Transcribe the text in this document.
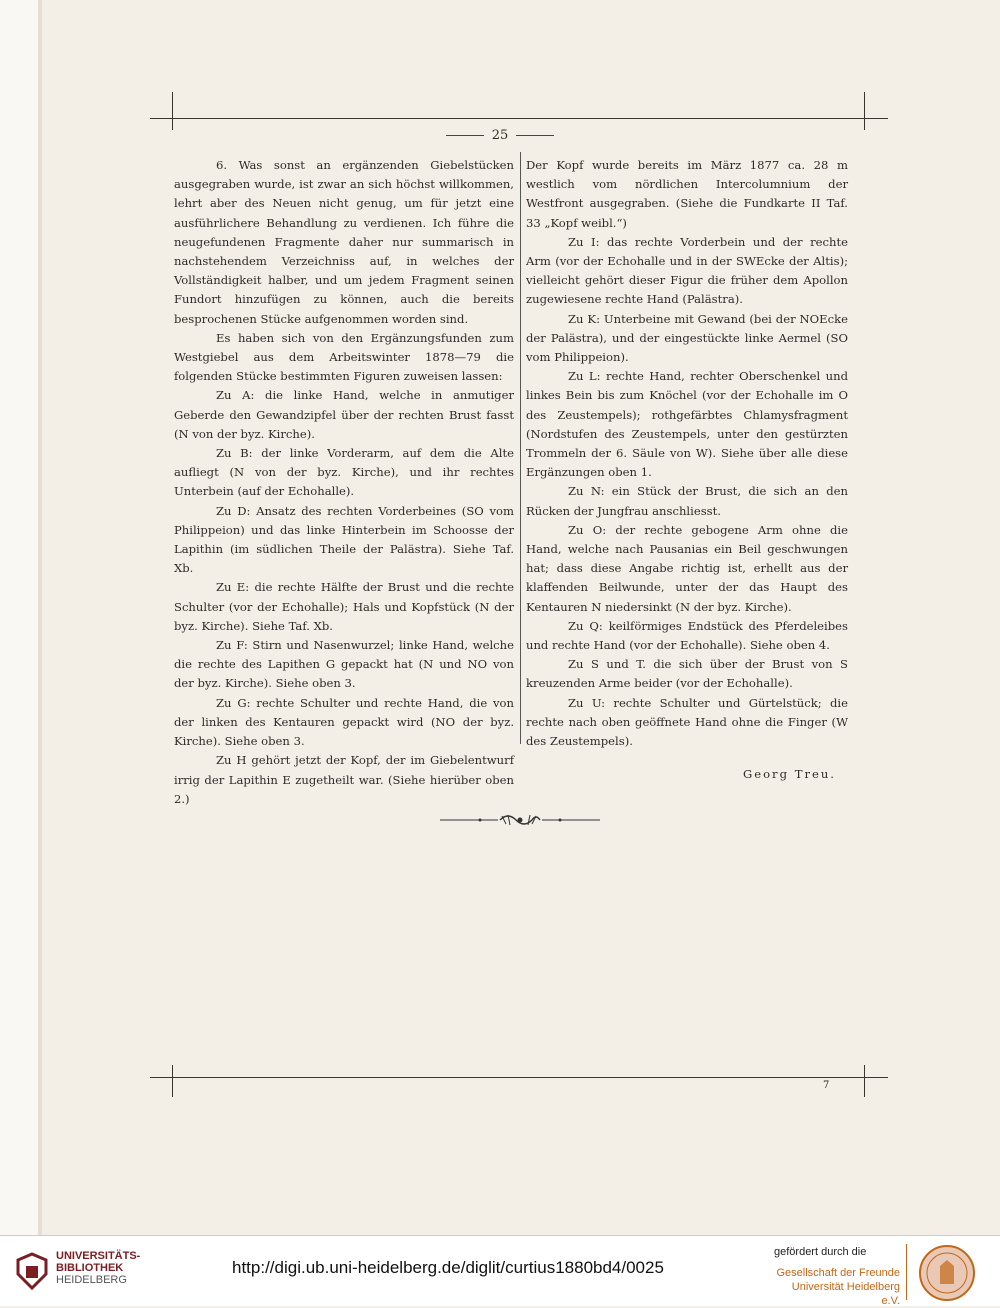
25

6. Was sonst an ergänzenden Giebelstücken ausgegraben wurde, ist zwar an sich höchst willkommen, lehrt aber des Neuen nicht genug, um für jetzt eine ausführlichere Behandlung zu verdienen. Ich führe die neugefundenen Fragmente daher nur summarisch in nachstehendem Verzeichniss auf, in welches der Vollständigkeit halber, und um jedem Fragment seinen Fundort hinzufügen zu können, auch die bereits besprochenen Stücke aufgenommen worden sind.

Es haben sich von den Ergänzungsfunden zum Westgiebel aus dem Arbeitswinter 1878—79 die folgenden Stücke bestimmten Figuren zuweisen lassen:

Zu A: die linke Hand, welche in anmutiger Geberde den Gewandzipfel über der rechten Brust fasst (N von der byz. Kirche).

Zu B: der linke Vorderarm, auf dem die Alte aufliegt (N von der byz. Kirche), und ihr rechtes Unterbein (auf der Echohalle).

Zu D: Ansatz des rechten Vorderbeines (SO vom Philippeion) und das linke Hinterbein im Schoosse der Lapithin (im südlichen Theile der Palästra). Siehe Taf. Xb.

Zu E: die rechte Hälfte der Brust und die rechte Schulter (vor der Echohalle); Hals und Kopfstück (N der byz. Kirche). Siehe Taf. Xb.

Zu F: Stirn und Nasenwurzel; linke Hand, welche die rechte des Lapithen G gepackt hat (N und NO von der byz. Kirche). Siehe oben 3.

Zu G: rechte Schulter und rechte Hand, die von der linken des Kentauren gepackt wird (NO der byz. Kirche). Siehe oben 3.

Zu H gehört jetzt der Kopf, der im Giebelentwurf irrig der Lapithin E zugetheilt war. (Siehe hierüber oben 2.)

Der Kopf wurde bereits im März 1877 ca. 28 m westlich vom nördlichen Intercolumnium der Westfront ausgegraben. (Siehe die Fundkarte II Taf. 33 „Kopf weibl.“)

Zu I: das rechte Vorderbein und der rechte Arm (vor der Echohalle und in der SWEcke der Altis); vielleicht gehört dieser Figur die früher dem Apollon zugewiesene rechte Hand (Palästra).

Zu K: Unterbeine mit Gewand (bei der NOEcke der Palästra), und der eingestückte linke Aermel (SO vom Philippeion).

Zu L: rechte Hand, rechter Oberschenkel und linkes Bein bis zum Knöchel (vor der Echohalle im O des Zeustempels); rothgefärbtes Chlamysfragment (Nordstufen des Zeustempels, unter den gestürzten Trommeln der 6. Säule von W). Siehe über alle diese Ergänzungen oben 1.

Zu N: ein Stück der Brust, die sich an den Rücken der Jungfrau anschliesst.

Zu O: der rechte gebogene Arm ohne die Hand, welche nach Pausanias ein Beil geschwungen hat; dass diese Angabe richtig ist, erhellt aus der klaffenden Beilwunde, unter der das Haupt des Kentauren N niedersinkt (N der byz. Kirche).

Zu Q: keilförmiges Endstück des Pferdeleibes und rechte Hand (vor der Echohalle). Siehe oben 4.

Zu S und T. die sich über der Brust von S kreuzenden Arme beider (vor der Echohalle).

Zu U: rechte Schulter und Gürtelstück; die rechte nach oben geöffnete Hand ohne die Finger (W des Zeustempels).

Georg Treu.

7
UNIVERSITÄTS-
BIBLIOTHEK
HEIDELBERG
http://digi.ub.uni-heidelberg.de/diglit/curtius1880bd4/0025
gefördert durch die
Gesellschaft der Freunde
Universität Heidelberg e.V.
